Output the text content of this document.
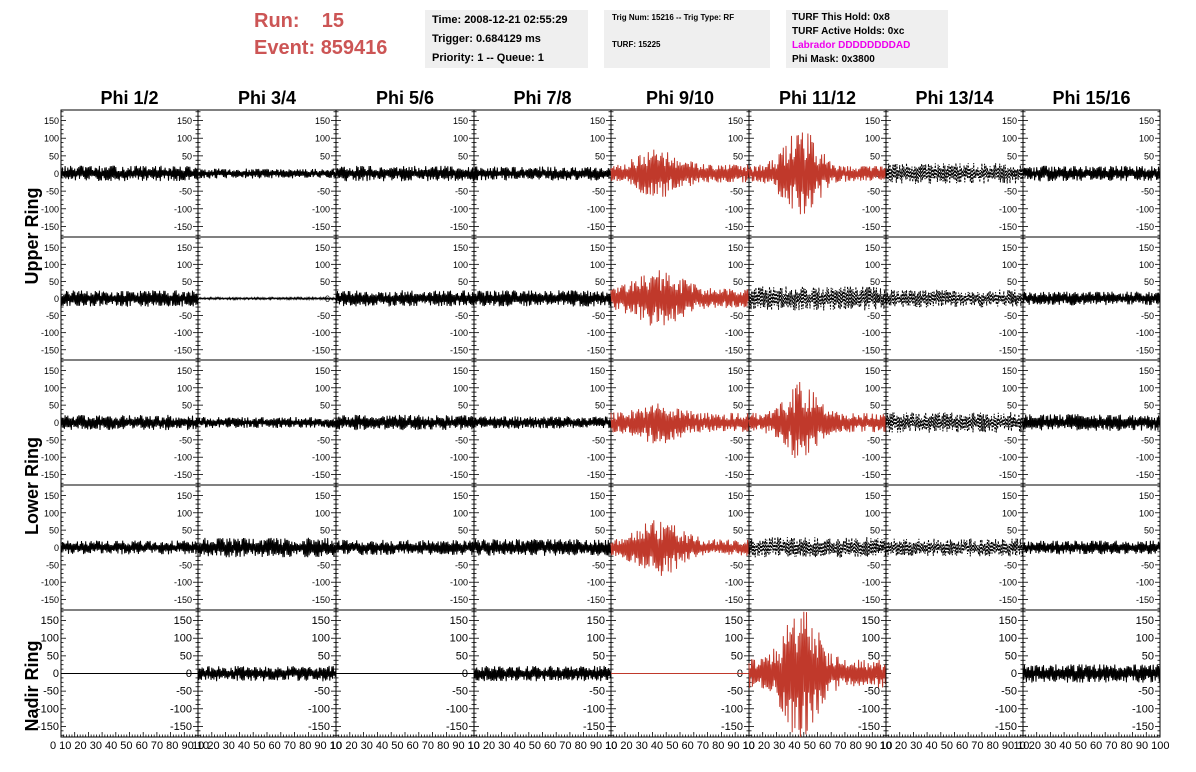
Run: 15
Event: 859416
Time: 2008-12-21 02:55:29
Trigger: 0.684129 ms
Priority: 1 -- Queue: 1
Trig Num: 15216 -- Trig Type: RF
TURF: 15225
TURF This Hold: 0x8
TURF Active Holds: 0xc
Labrador DDDDDDDDAD
Phi Mask: 0x3800
Phi 1/2	Phi 3/4	Phi 5/6	Phi 7/8	Phi 9/10	Phi 11/12	Phi 13/14	Phi 15/16
Upper Ring
Lower Ring
Nadir Ring
150
100
50
0
-50
-100
-150
150
100
50
0
-50
-100
-150
150
100
50
0
-50
-100
-150
150
100
50
0
-50
-100
-150
150
100
50
0
-50
-100
-150
150
100
50
0
-50
-100
-150
150
100
50
0
-50
-100
-150
150
100
50
0
-50
-100
-150
150
100
50
0
-50
-100
-150
150
100
50
0
-50
-100
-150
150
100
50
0
-50
-100
-150
150
100
50
0
-50
-100
-150
150
100
50
0
-50
-100
-150
150
100
50
0
-50
-100
-150
150
100
50
0
-50
-100
-150
150
100
50
0
-50
-100
-150
150
100
50
0
-50
-100
-150
150
100
50
0
-50
-100
-150
150
100
50
0
-50
-100
-150
150
100
50
0
-50
-100
-150
150
100
50
0
-50
-100
-150
150
100
50
0
-50
-100
-150
150
100
50
0
-50
-100
-150
150
100
50
0
-50
-100
-150
150
100
50
0
-50
-100
-150
150
100
50
0
-50
-100
-150
150
100
50
0
-50
-100
-150
150
100
50
0
-50
-100
-150
150
100
50
0
-50
-100
-150
150
100
50
0
-50
-100
-150
150
100
50
0
-50
-100
-150
150
100
50
0
-50
-100
-150
150
100
50
0
-50
-100
-150
150
100
50
0
-50
-100
-150
150
100
50
0
-50
-100
-150
150
100
50
0
-50
-100
-150
150
100
50
0
-50
-100
-150
150
100
50
0
-50
-100
-150
150
100
50
0
-50
-100
-150
150
100
50
0
-50
-100
-150
150
100
50
0
-50
-100
-150
150
100
50
0
-50
-100
-150
150
100
50
0
-50
-100
-150
150
100
50
0
-50
-100
-150
150
100
50
0
-50
-100
-150
0 10 20 30 40 50 60 70 80 90 10
10 20 30 40 50 60 70 80 90 10
10 20 30 40 50 60 70 80 90 10
10 20 30 40 50 60 70 80 90 10
10 20 30 40 50 60 70 80 90 10
10 20 30 40 50 60 70 80 90 10
10 20 30 40 50 60 70 80 90 10
10 20 30 40 50 60 70 80 90 100
